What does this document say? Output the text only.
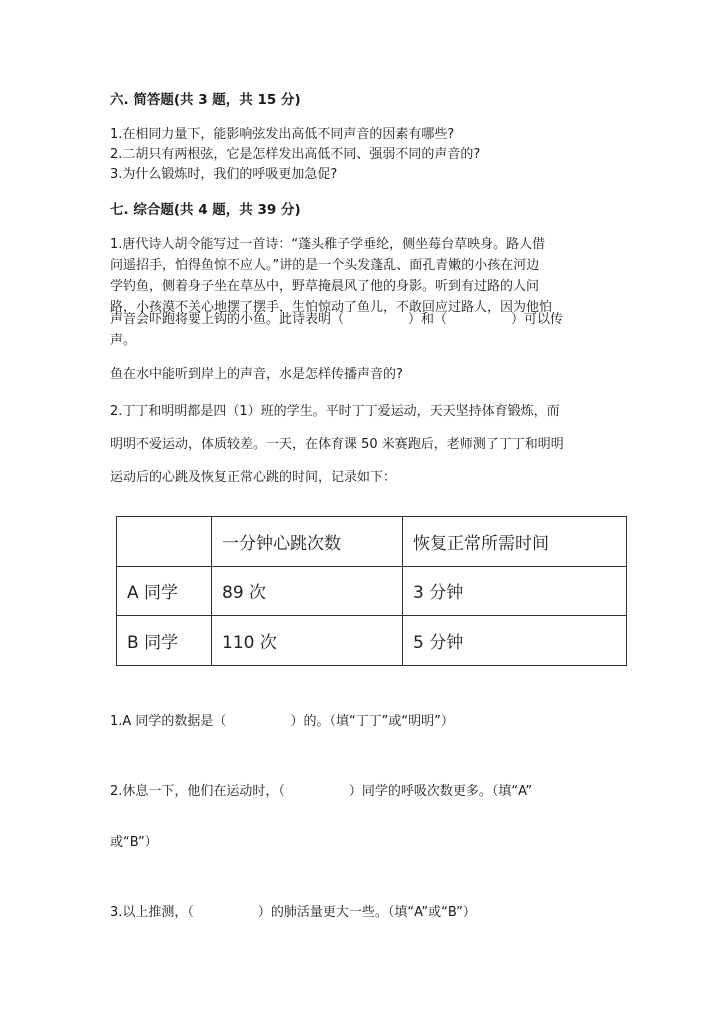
六. 简答题(共 3 题，共 15 分)
1.在相同力量下，能影响弦发出高低不同声音的因素有哪些?
2.二胡只有两根弦，它是怎样发出高低不同、强弱不同的声音的?
3.为什么锻炼时，我们的呼吸更加急促?
七. 综合题(共 4 题，共 39 分)
1.唐代诗人胡令能写过一首诗：“蓬头稚子学垂纶，侧坐莓台草映身。路人借
问遥招手，怕得鱼惊不应人。”讲的是一个头发蓬乱、面孔青嫩的小孩在河边
学钓鱼，侧着身子坐在草丛中，野草掩晨风了他的身影。听到有过路的人问
路，小孩漠不关心地摆了摆手，生怕惊动了鱼儿，不敢回应过路人，因为他怕
声音会吓跑将要上钩的小鱼。此诗表明（	）和（	）可以传
声。
鱼在水中能听到岸上的声音，水是怎样传播声音的?
2.丁丁和明明都是四（1）班的学生。平时丁丁爱运动，天天坚持体育锻炼，而
明明不爱运动，体质较差。一天，在体育课 50 米赛跑后，老师测了丁丁和明明
运动后的心跳及恢复正常心跳的时间，记录如下：
	一分钟心跳次数	恢复正常所需时间
A 同学	89 次	3 分钟
B 同学	110 次	5 分钟
1.A 同学的数据是（	）的。（填“丁丁”或“明明”）
2.休息一下，他们在运动时，（	）同学的呼吸次数更多。（填“A”
或“B”）
3.以上推测，（	）的肺活量更大一些。（填“A”或“B”）
